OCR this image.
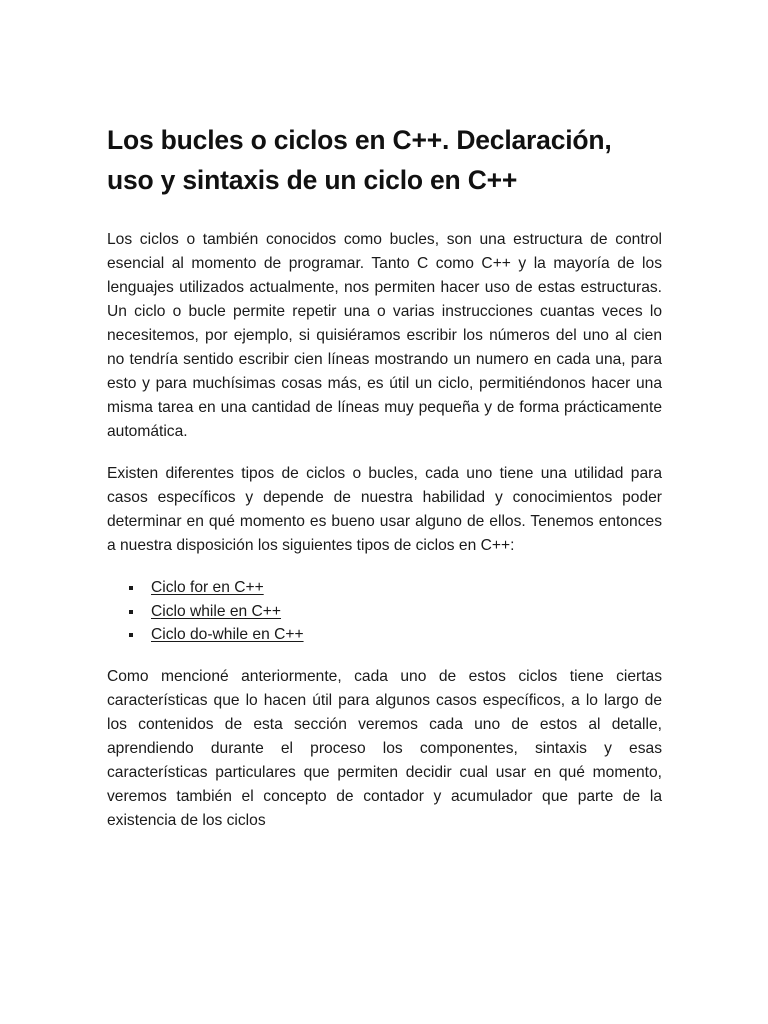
Los bucles o ciclos en C++. Declaración, uso y sintaxis de un ciclo en C++

Los ciclos o también conocidos como bucles, son una estructura de control esencial al momento de programar. Tanto C como C++ y la mayoría de los lenguajes utilizados actualmente, nos permiten hacer uso de estas estructuras. Un ciclo o bucle permite repetir una o varias instrucciones cuantas veces lo necesitemos, por ejemplo, si quisiéramos escribir los números del uno al cien no tendría sentido escribir cien líneas mostrando un numero en cada una, para esto y para muchísimas cosas más, es útil un ciclo, permitiéndonos hacer una misma tarea en una cantidad de líneas muy pequeña y de forma prácticamente automática.

Existen diferentes tipos de ciclos o bucles, cada uno tiene una utilidad para casos específicos y depende de nuestra habilidad y conocimientos poder determinar en qué momento es bueno usar alguno de ellos. Tenemos entonces a nuestra disposición los siguientes tipos de ciclos en C++:

Ciclo for en C++
Ciclo while en C++
Ciclo do-while en C++

Como mencioné anteriormente, cada uno de estos ciclos tiene ciertas características que lo hacen útil para algunos casos específicos, a lo largo de los contenidos de esta sección veremos cada uno de estos al detalle, aprendiendo durante el proceso los componentes, sintaxis y esas características particulares que permiten decidir cual usar en qué momento, veremos también el concepto de contador y acumulador que parte de la existencia de los ciclos
